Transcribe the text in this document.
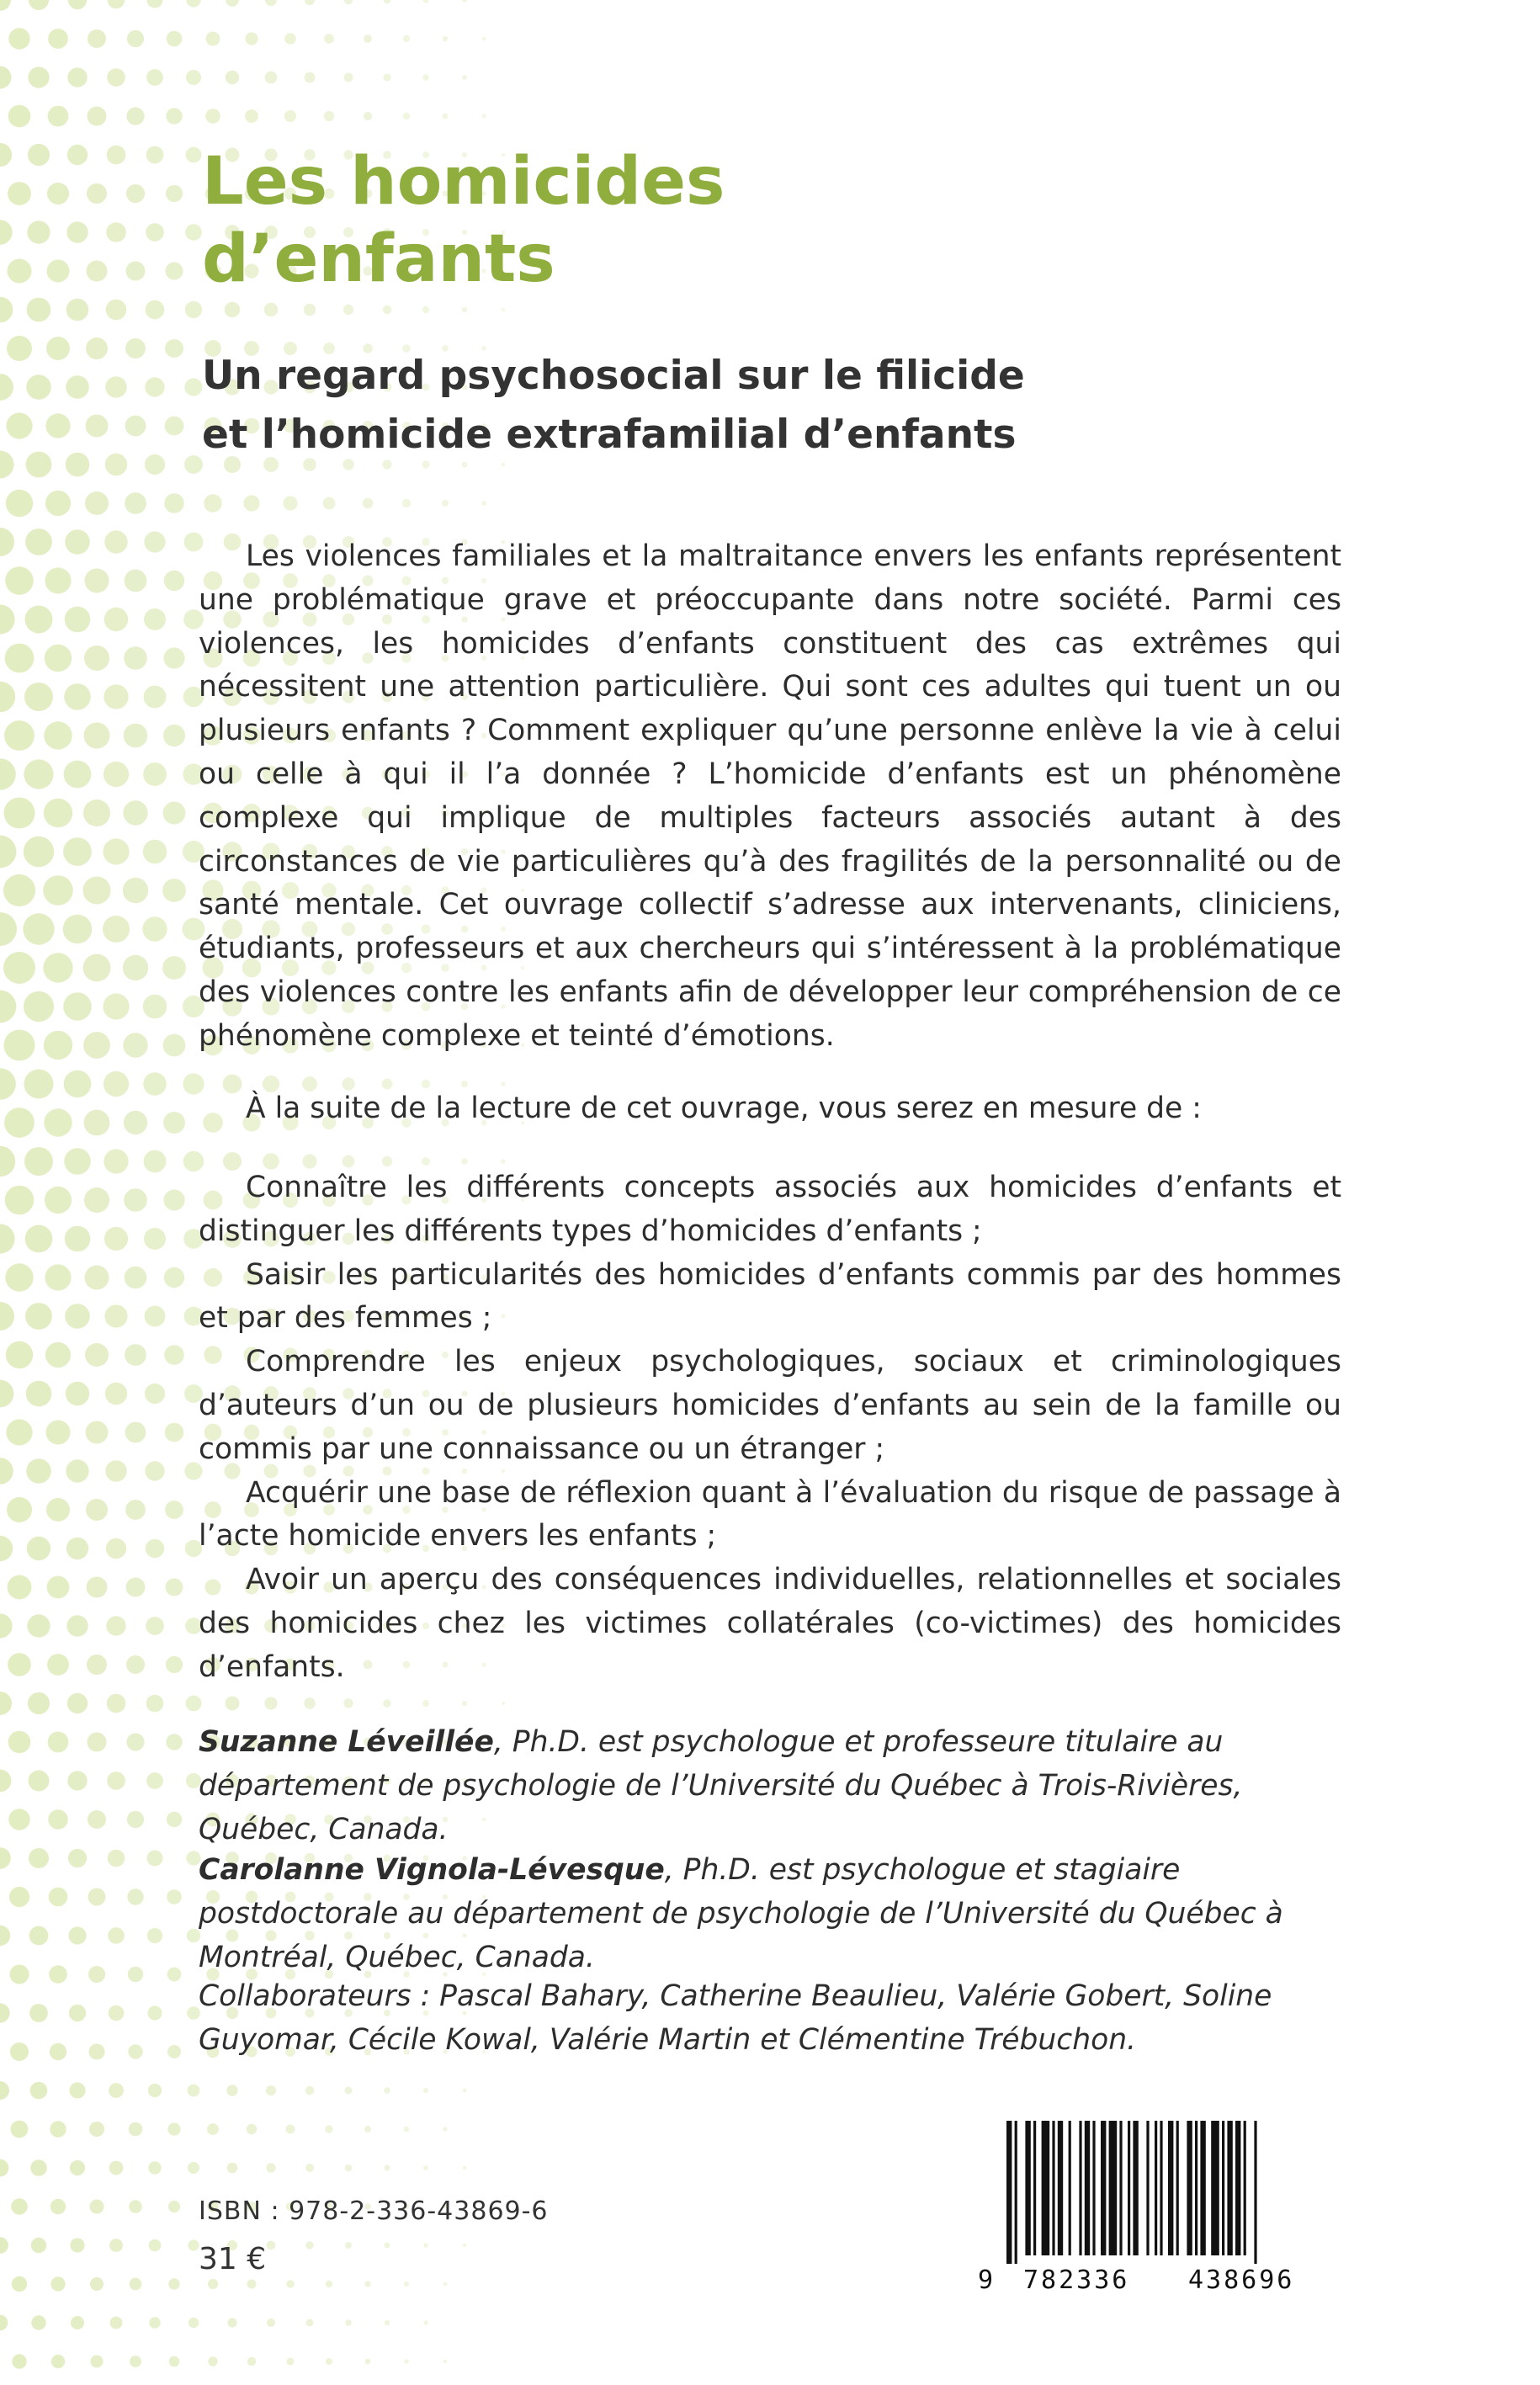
Les homicides
d’enfants
Un regard psychosocial sur le filicide
et l’homicide extrafamilial d’enfants

Les violences familiales et la maltraitance envers les enfants représentent une problématique grave et préoccupante dans notre société. Parmi ces violences, les homicides d’enfants constituent des cas extrêmes qui nécessitent une attention particulière. Qui sont ces adultes qui tuent un ou plusieurs enfants ? Comment expliquer qu’une personne enlève la vie à celui ou celle à qui il l’a donnée ? L’homicide d’enfants est un phénomène complexe qui implique de multiples facteurs associés autant à des circonstances de vie particulières qu’à des fragilités de la personnalité ou de santé mentale. Cet ouvrage collectif s’adresse aux intervenants, cliniciens, étudiants, professeurs et aux chercheurs qui s’intéressent à la problématique des violences contre les enfants afin de développer leur compréhension de ce phénomène complexe et teinté d’émotions.

À la suite de la lecture de cet ouvrage, vous serez en mesure de :

Connaître les différents concepts associés aux homicides d’enfants et distinguer les différents types d’homicides d’enfants ;
Saisir les particularités des homicides d’enfants commis par des hommes et par des femmes ;
Comprendre les enjeux psychologiques, sociaux et criminologiques d’auteurs d’un ou de plusieurs homicides d’enfants au sein de la famille ou commis par une connaissance ou un étranger ;
Acquérir une base de réflexion quant à l’évaluation du risque de passage à l’acte homicide envers les enfants ;
Avoir un aperçu des conséquences individuelles, relationnelles et sociales des homicides chez les victimes collatérales (co-victimes) des homicides d’enfants.

Suzanne Léveillée, Ph.D. est psychologue et professeure titulaire au département de psychologie de l’Université du Québec à Trois-Rivières, Québec, Canada.

Carolanne Vignola-Lévesque, Ph.D. est psychologue et stagiaire postdoctorale au département de psychologie de l’Université du Québec à Montréal, Québec, Canada.

Collaborateurs : Pascal Bahary, Catherine Beaulieu, Valérie Gobert, Soline Guyomar, Cécile Kowal, Valérie Martin et Clémentine Trébuchon.

ISBN : 978-2-336-43869-6
31 €
9 782336 438696
